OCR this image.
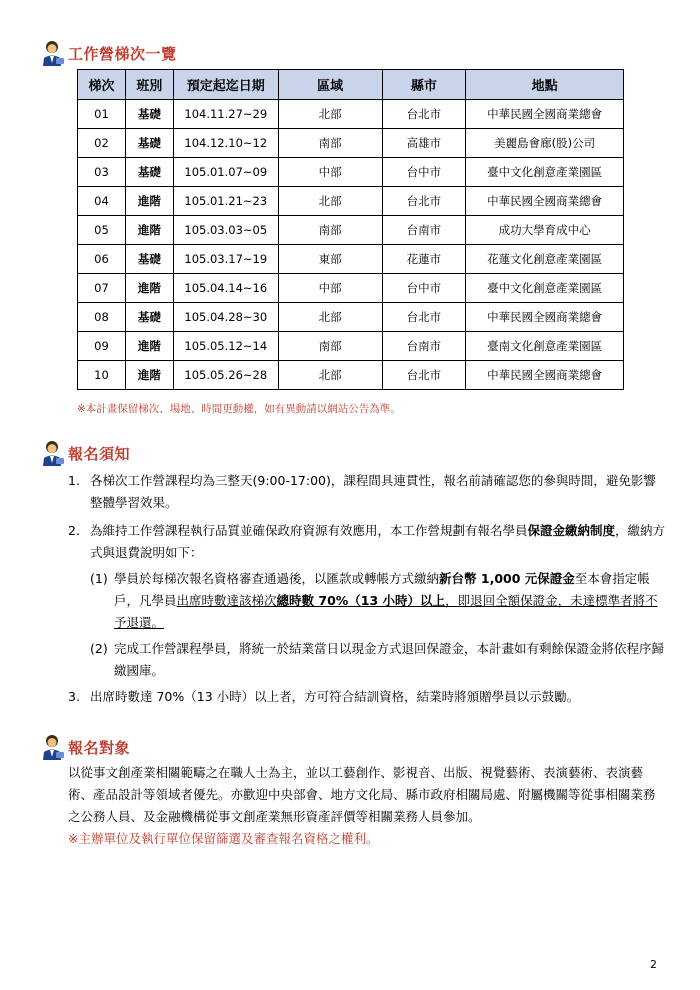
工作營梯次一覽
梯次	班別	預定起迄日期	區域	縣市	地點
01	基礎	104.11.27~29	北部	台北市	中華民國全國商業總會
02	基礎	104.12.10~12	南部	高雄市	美麗島會廊(股)公司
03	基礎	105.01.07~09	中部	台中市	臺中文化創意產業園區
04	進階	105.01.21~23	北部	台北市	中華民國全國商業總會
05	進階	105.03.03~05	南部	台南市	成功大學育成中心
06	基礎	105.03.17~19	東部	花蓮市	花蓮文化創意產業園區
07	進階	105.04.14~16	中部	台中市	臺中文化創意產業園區
08	基礎	105.04.28~30	北部	台北市	中華民國全國商業總會
09	進階	105.05.12~14	南部	台南市	臺南文化創意產業園區
10	進階	105.05.26~28	北部	台北市	中華民國全國商業總會
※本計畫保留梯次、場地、時間更動權，如有異動請以網站公告為準。
報名須知
1. 各梯次工作營課程均為三整天(9:00-17:00)，課程間具連貫性，報名前請確認您的參與時間，避免影響整體學習效果。
2. 為維持工作營課程執行品質並確保政府資源有效應用，本工作營規劃有報名學員保證金繳納制度，繳納方式與退費說明如下：
(1) 學員於每梯次報名資格審查通過後，以匯款或轉帳方式繳納新台幣 1,000 元保證金至本會指定帳戶，凡學員出席時數達該梯次總時數 70%（13 小時）以上，即退回全額保證金，未達標準者將不予退還。
(2) 完成工作營課程學員，將統一於結業當日以現金方式退回保證金，本計畫如有剩餘保證金將依程序歸繳國庫。
3. 出席時數達 70%（13 小時）以上者，方可符合結訓資格，結業時將頒贈學員以示鼓勵。
報名對象
以從事文創產業相關範疇之在職人士為主，並以工藝創作、影視音、出版、視覺藝術、表演藝術、表演藝術、產品設計等領域者優先。亦歡迎中央部會、地方文化局、縣市政府相關局處、附屬機關等從事相關業務之公務人員、及金融機構從事文創產業無形資產評價等相關業務人員參加。
※主辦單位及執行單位保留篩選及審查報名資格之權利。
2
